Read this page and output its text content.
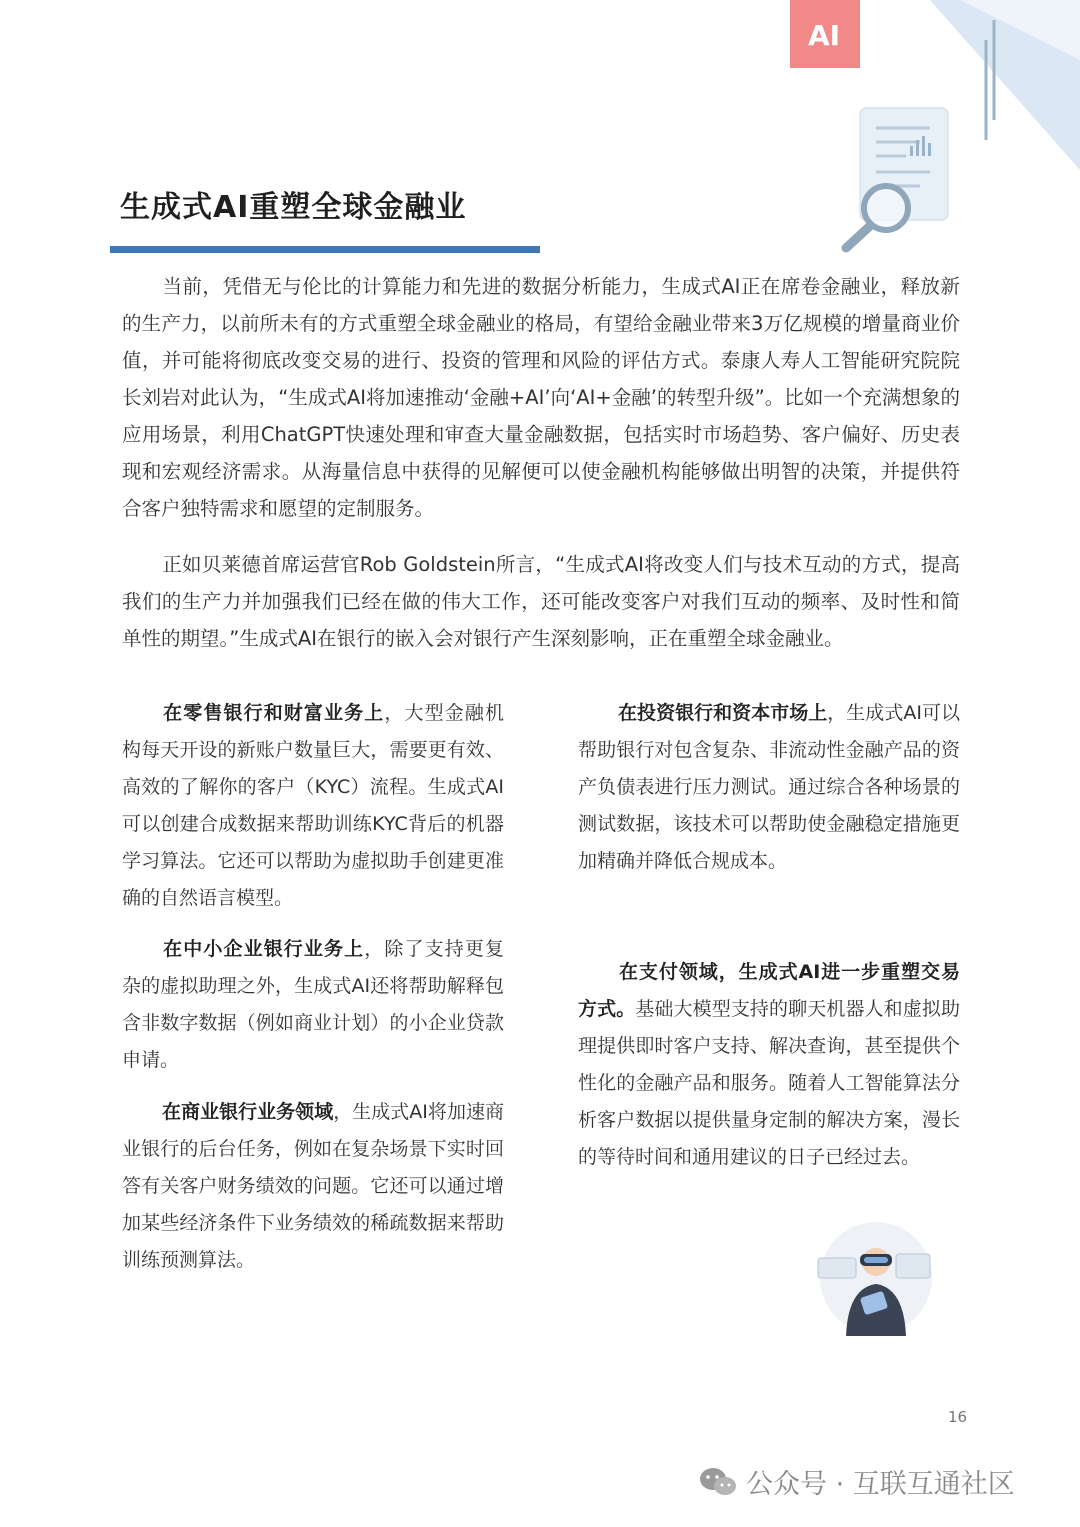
AI
生成式AI重塑全球金融业

当前，凭借无与伦比的计算能力和先进的数据分析能力，生成式AI正在席卷金融业，释放新的生产力，以前所未有的方式重塑全球金融业的格局，有望给金融业带来3万亿规模的增量商业价值，并可能将彻底改变交易的进行、投资的管理和风险的评估方式。泰康人寿人工智能研究院院长刘岩对此认为，“生成式AI将加速推动‘金融+AI’向‘AI+金融’的转型升级”。比如一个充满想象的应用场景，利用ChatGPT快速处理和审查大量金融数据，包括实时市场趋势、客户偏好、历史表现和宏观经济需求。从海量信息中获得的见解便可以使金融机构能够做出明智的决策，并提供符合客户独特需求和愿望的定制服务。

正如贝莱德首席运营官Rob Goldstein所言，“生成式AI将改变人们与技术互动的方式，提高我们的生产力并加强我们已经在做的伟大工作，还可能改变客户对我们互动的频率、及时性和简单性的期望。”生成式AI在银行的嵌入会对银行产生深刻影响，正在重塑全球金融业。

在零售银行和财富业务上，大型金融机构每天开设的新账户数量巨大，需要更有效、高效的了解你的客户（KYC）流程。生成式AI可以创建合成数据来帮助训练KYC背后的机器学习算法。它还可以帮助为虚拟助手创建更准确的自然语言模型。

在中小企业银行业务上，除了支持更复杂的虚拟助理之外，生成式AI还将帮助解释包含非数字数据（例如商业计划）的小企业贷款申请。

在商业银行业务领域，生成式AI将加速商业银行的后台任务，例如在复杂场景下实时回答有关客户财务绩效的问题。它还可以通过增加某些经济条件下业务绩效的稀疏数据来帮助训练预测算法。

在投资银行和资本市场上，生成式AI可以帮助银行对包含复杂、非流动性金融产品的资产负债表进行压力测试。通过综合各种场景的测试数据，该技术可以帮助使金融稳定措施更加精确并降低合规成本。

在支付领域，生成式AI进一步重塑交易方式。基础大模型支持的聊天机器人和虚拟助理提供即时客户支持、解决查询，甚至提供个性化的金融产品和服务。随着人工智能算法分析客户数据以提供量身定制的解决方案，漫长的等待时间和通用建议的日子已经过去。

16
公众号 · 互联互通社区
